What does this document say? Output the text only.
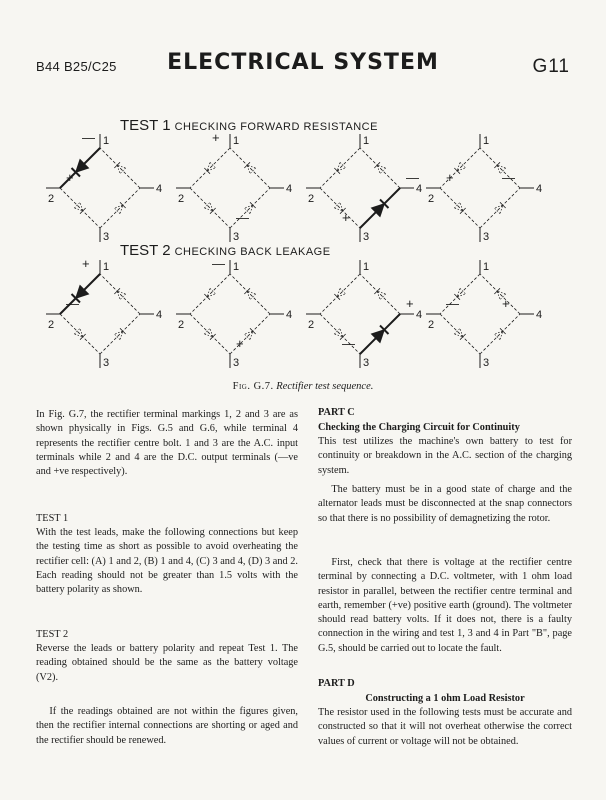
B44 B25/C25	ELECTRICAL SYSTEM	G11
TEST 1 CHECKING FORWARD RESISTANCE
TEST 2 CHECKING BACK LEAKAGE
1
2
3
4
—
+
1
2
3
4
+
—
1
2
3
4
+
—
1
2
3
4
—
+
1
2
3
4
+
—
1
2
3
4
—
+
1
2
3
4
—
+
1
2
3
4
+
—
Fig. G.7. Rectifier test sequence.
In Fig. G.7, the rectifier terminal markings 1, 2 and 3 are as shown physically in Figs. G.5 and G.6, while terminal 4 represents the rectifier centre bolt. 1 and 3 are the A.C. input terminals while 2 and 4 are the D.C. output terminals (—ve and +ve respectively).
TEST 1
With the test leads, make the following connections but keep the testing time as short as possible to avoid overheating the rectifier cell: (A) 1 and 2, (B) 1 and 4, (C) 3 and 4, (D) 3 and 2. Each reading should not be greater than 1.5 volts with the battery polarity as shown.
TEST 2
Reverse the leads or battery polarity and repeat Test 1. The reading obtained should be the same as the battery voltage (V2).
If the readings obtained are not within the figures given, then the rectifier internal connections are shorting or aged and the rectifier should be renewed.
PART C
Checking the Charging Circuit for Continuity
This test utilizes the machine's own battery to test for continuity or breakdown in the A.C. section of the charging system.
The battery must be in a good state of charge and the alternator leads must be disconnected at the snap connectors so that there is no possibility of demagnetizing the rotor.
First, check that there is voltage at the rectifier centre terminal by connecting a D.C. voltmeter, with 1 ohm load resistor in parallel, between the rectifier centre terminal and earth, remember (+ve) positive earth (ground). The voltmeter should read battery volts. If it does not, there is a faulty connection in the wiring and test 1, 3 and 4 in Part "B", page G.5, should be carried out to locate the fault.
PART D
Constructing a 1 ohm Load Resistor
The resistor used in the following tests must be accurate and constructed so that it will not overheat otherwise the correct values of current or voltage will not be obtained.
